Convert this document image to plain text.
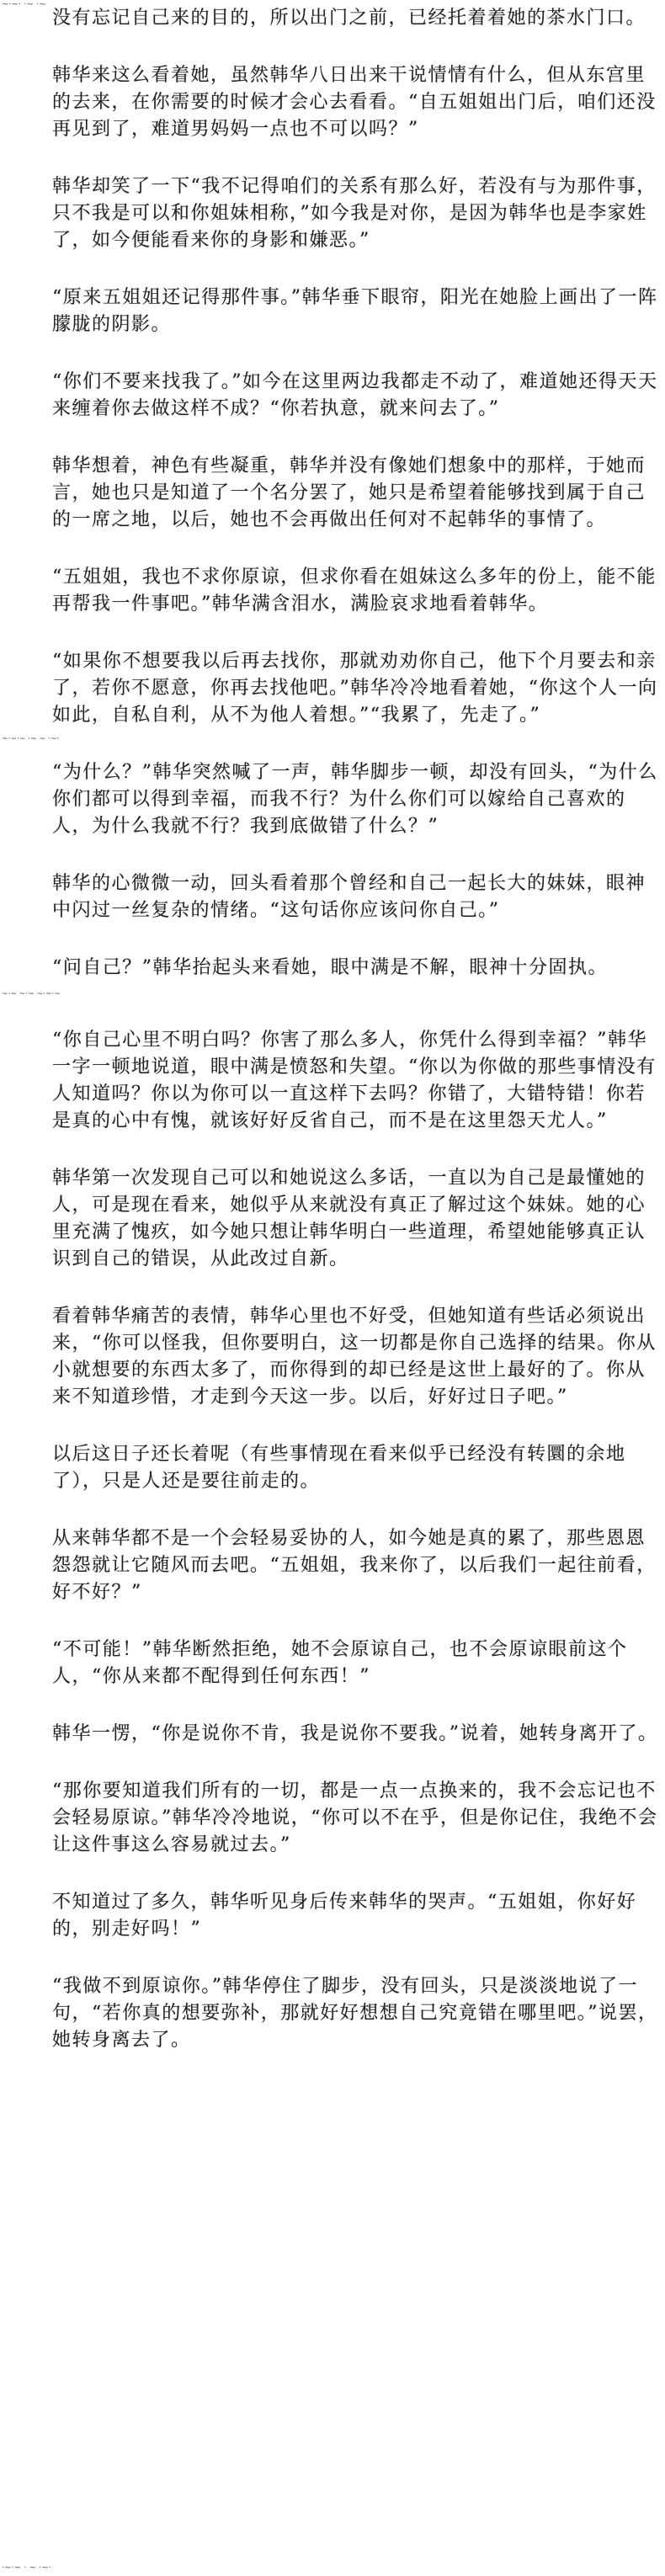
~·~· ·~ ·~

没有忘记自己来的目的，所以出门之前，已经托着着她的茶水门口。

韩华来这么看着她，虽然韩华八日出来干说情情有什么，但从东宫里的去来，在你需要的时候才会心去看看。“自五姐姐出门后，咱们还没再见到了，难道男妈妈一点也不可以吗？”

韩华却笑了一下“我不记得咱们的关系有那么好，若没有与为那件事，只不我是可以和你姐妹相称，”如今我是对你，是因为韩华也是李家姓了，如今便能看来你的身影和嫌恶。”

“原来五姐姐还记得那件事。”韩华垂下眼帘，阳光在她脸上画出了一阵朦胧的阴影。

“你们不要来找我了。”如今在这里两边我都走不动了，难道她还得天天来缠着你去做这样不成？“你若执意，就来问去了。”

韩华想着，神色有些凝重，韩华并没有像她们想象中的那样，于她而言，她也只是知道了一个名分罢了，她只是希望着能够找到属于自己的一席之地，以后，她也不会再做出任何对不起韩华的事情了。

“五姐姐，我也不求你原谅，但求你看在姐妹这么多年的份上，能不能再帮我一件事吧。”韩华满含泪水，满脸哀求地看着韩华。

“如果你不想要我以后再去找你，那就劝劝你自己，他下个月要去和亲了，若你不愿意，你再去找他吧。”韩华冷冷地看着她，“你这个人一向如此，自私自利，从不为他人着想。”“我累了，先走了。”

~·~·~ ·~ ~ ·~·

“为什么？”韩华突然喊了一声，韩华脚步一顿，却没有回头，“为什么你们都可以得到幸福，而我不行？为什么你们可以嫁给自己喜欢的人，为什么我就不行？我到底做错了什么？”

韩华的心微微一动，回头看着那个曾经和自己一起长大的妹妹，眼神中闪过一丝复杂的情绪。“这句话你应该问你自己。”

“问自己？”韩华抬起头来看她，眼中满是不解，眼神十分固执。

~·~ ~·~ ~·~·~

“你自己心里不明白吗？你害了那么多人，你凭什么得到幸福？”韩华一字一顿地说道，眼中满是愤怒和失望。“你以为你做的那些事情没有人知道吗？你以为你可以一直这样下去吗？你错了，大错特错！你若是真的心中有愧，就该好好反省自己，而不是在这里怨天尤人。”

韩华第一次发现自己可以和她说这么多话，一直以为自己是最懂她的人，可是现在看来，她似乎从来就没有真正了解过这个妹妹。她的心里充满了愧疚，如今她只想让韩华明白一些道理，希望她能够真正认识到自己的错误，从此改过自新。

看着韩华痛苦的表情，韩华心里也不好受，但她知道有些话必须说出来，“你可以怪我，但你要明白，这一切都是你自己选择的结果。你从小就想要的东西太多了，而你得到的却已经是这世上最好的了。你从来不知道珍惜，才走到今天这一步。以后，好好过日子吧。”

以后这日子还长着呢（有些事情现在看来似乎已经没有转圜的余地了），只是人还是要往前走的。

从来韩华都不是一个会轻易妥协的人，如今她是真的累了，那些恩恩怨怨就让它随风而去吧。“五姐姐，我来你了，以后我们一起往前看，好不好？”

“不可能！”韩华断然拒绝，她不会原谅自己，也不会原谅眼前这个人，“你从来都不配得到任何东西！”

韩华一愣，“你是说你不肯，我是说你不要我。”说着，她转身离开了。

“那你要知道我们所有的一切，都是一点一点换来的，我不会忘记也不会轻易原谅。”韩华冷冷地说，“你可以不在乎，但是你记住，我绝不会让这件事这么容易就过去。”

不知道过了多久，韩华听见身后传来韩华的哭声。“五姐姐，你好好的，别走好吗！”

“我做不到原谅你。”韩华停住了脚步，没有回头，只是淡淡地说了一句，“若你真的想要弥补，那就好好想想自己究竟错在哪里吧。”说罢，她转身离去了。

·~·~ · ~ ·~·
